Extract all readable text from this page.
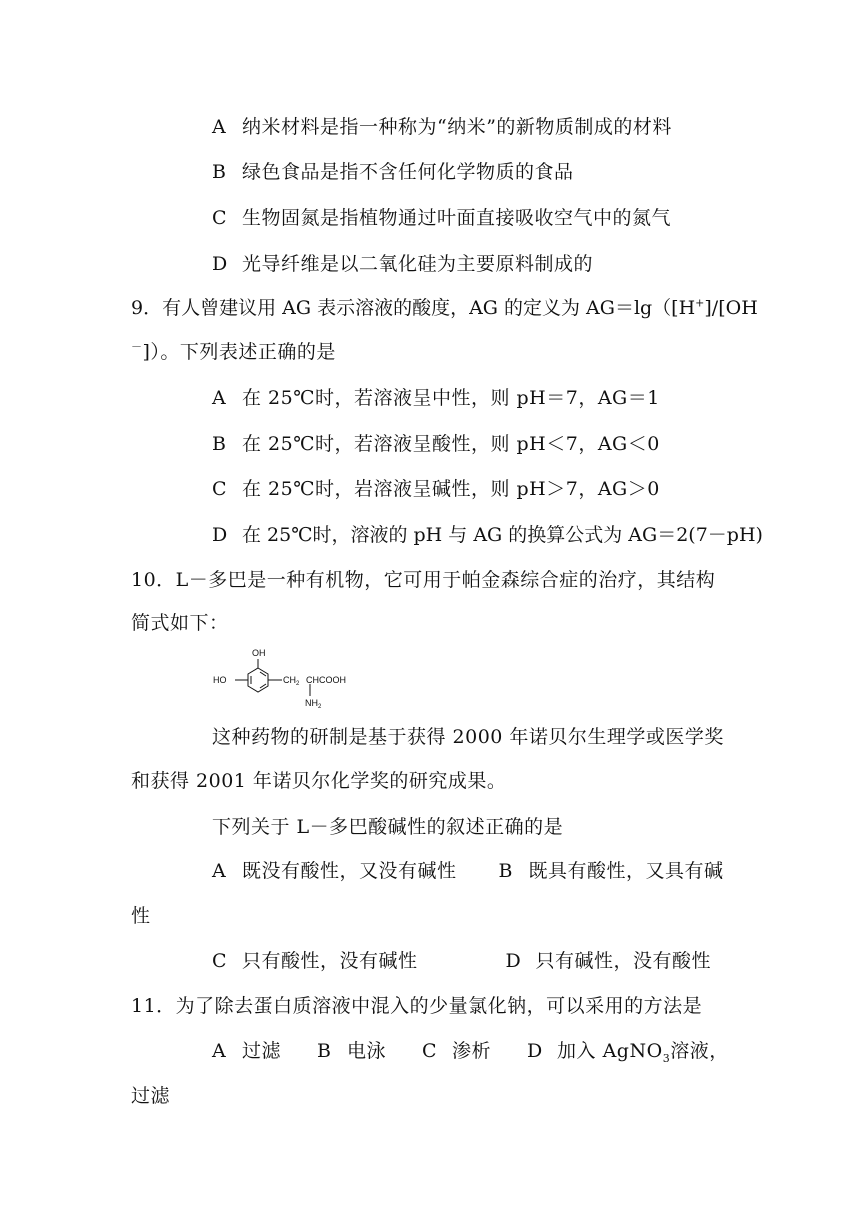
A 纳米材料是指一种称为“纳米”的新物质制成的材料
B 绿色食品是指不含任何化学物质的食品
C 生物固氮是指植物通过叶面直接吸收空气中的氮气
D 光导纤维是以二氧化硅为主要原料制成的
9．有人曾建议用 AG 表示溶液的酸度，AG 的定义为 AG＝lg（[H+]/[OH
－]）。下列表述正确的是
A 在 25℃时，若溶液呈中性，则 pH＝7，AG＝1
B 在 25℃时，若溶液呈酸性，则 pH＜7，AG＜0
C 在 25℃时，岩溶液呈碱性，则 pH＞7，AG＞0
D 在 25℃时，溶液的 pH 与 AG 的换算公式为 AG＝2(7－pH)
10．L－多巴是一种有机物，它可用于帕金森综合症的治疗，其结构
简式如下：
OH
HO	$CH_2$ CHCOOH
$NH_2$
这种药物的研制是基于获得 2000 年诺贝尔生理学或医学奖
和获得 2001 年诺贝尔化学奖的研究成果。
下列关于 L－多巴酸碱性的叙述正确的是
A 既没有酸性，又没有碱性 B 既具有酸性，又具有碱
性
C 只有酸性，没有碱性	D 只有碱性，没有酸性
11．为了除去蛋白质溶液中混入的少量氯化钠，可以采用的方法是
A 过滤 B 电泳 C 渗析 D 加入 AgNO$_3$溶液，
过滤
